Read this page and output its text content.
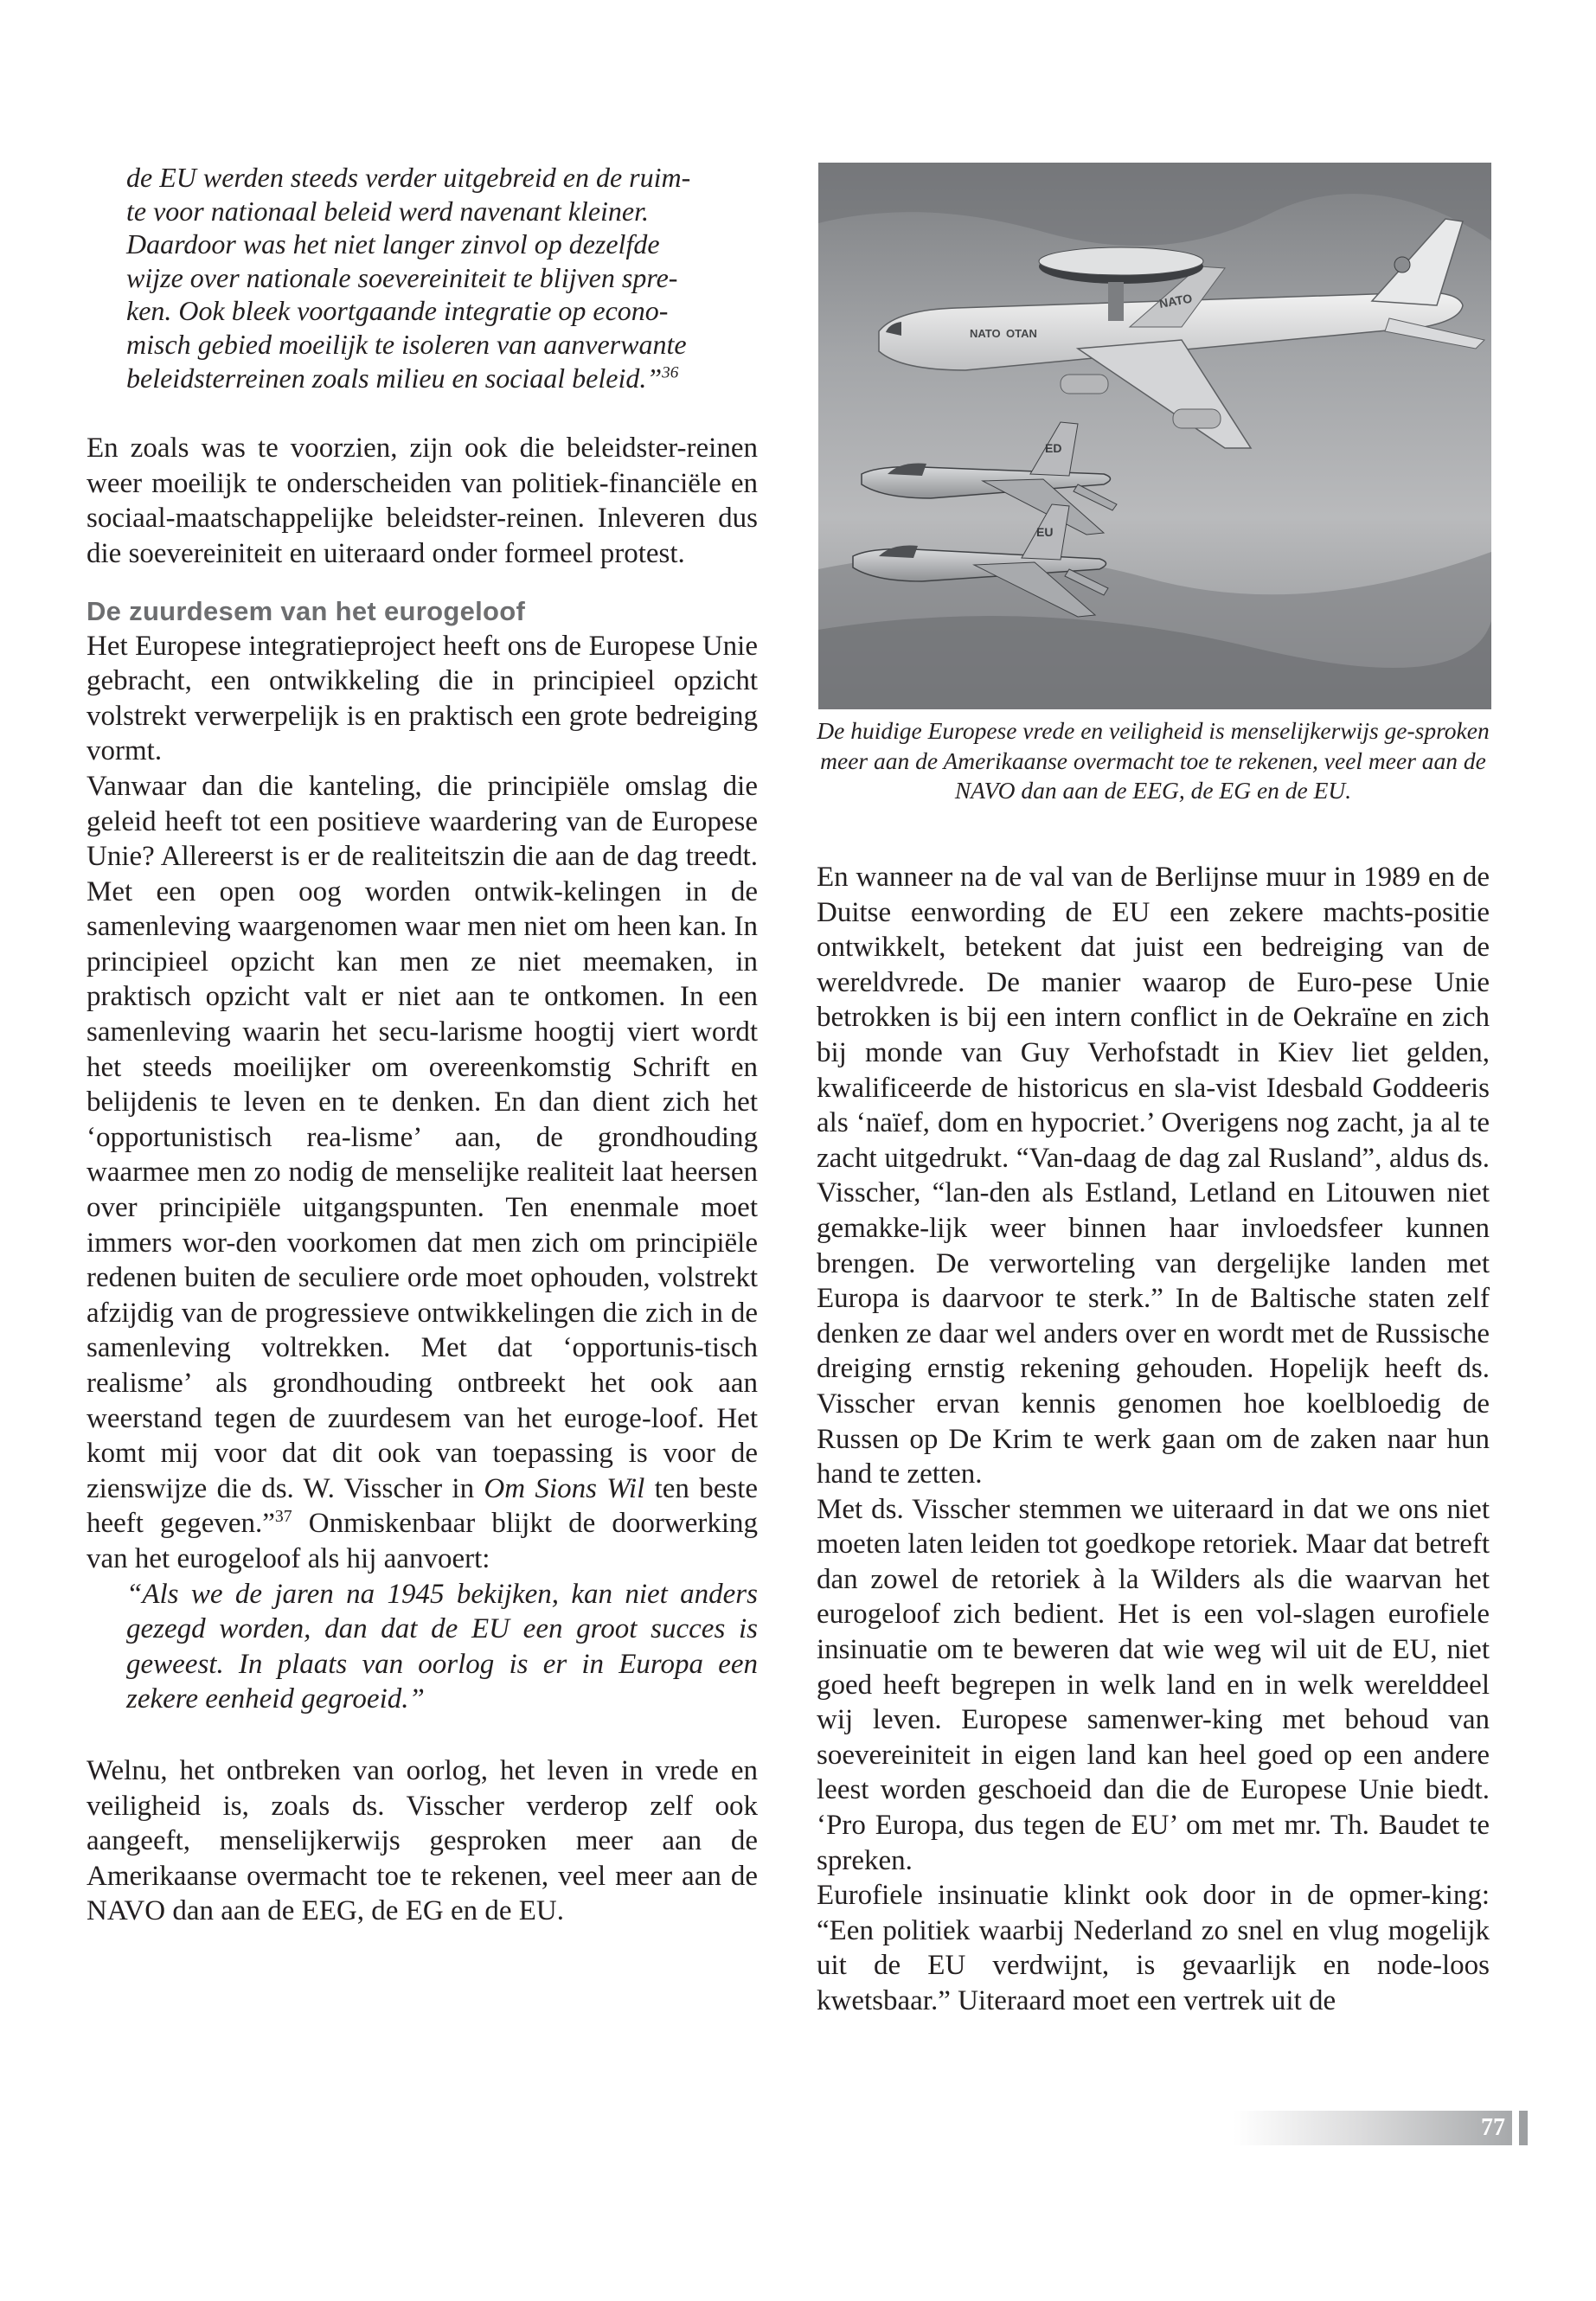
de EU werden steeds verder uitgebreid en de ruim-
te voor nationaal beleid werd navenant kleiner.
Daardoor was het niet langer zinvol op dezelfde
wijze over nationale soevereiniteit te blijven spre-
ken. Ook bleek voortgaande integratie op econo-
misch gebied moeilijk te isoleren van aanverwante
beleidsterreinen zoals milieu en sociaal beleid.”$^{36}$

En zoals was te voorzien, zijn ook die beleidster-reinen weer moeilijk te onderscheiden van politiek-financiële en sociaal-maatschappelijke beleidster-reinen. Inleveren dus die soevereiniteit en uiteraard onder formeel protest.

De zuurdesem van het eurogeloof

Het Europese integratieproject heeft ons de Europese Unie gebracht, een ontwikkeling die in principieel opzicht volstrekt verwerpelijk is en praktisch een grote bedreiging vormt.

Vanwaar dan die kanteling, die principiële omslag die geleid heeft tot een positieve waardering van de Europese Unie? Allereerst is er de realiteitszin die aan de dag treedt. Met een open oog worden ontwik-kelingen in de samenleving waargenomen waar men niet om heen kan. In principieel opzicht kan men ze niet meemaken, in praktisch opzicht valt er niet aan te ontkomen. In een samenleving waarin het secu-larisme hoogtij viert wordt het steeds moeilijker om overeenkomstig Schrift en belijdenis te leven en te denken. En dan dient zich het ‘opportunistisch rea-lisme’ aan, de grondhouding waarmee men zo nodig de menselijke realiteit laat heersen over principiële uitgangspunten. Ten enenmale moet immers wor-den voorkomen dat men zich om principiële redenen buiten de seculiere orde moet ophouden, volstrekt afzijdig van de progressieve ontwikkelingen die zich in de samenleving voltrekken. Met dat ‘opportunis-tisch realisme’ als grondhouding ontbreekt het ook aan weerstand tegen de zuurdesem van het euroge-loof. Het komt mij voor dat dit ook van toepassing is voor de zienswijze die ds. W. Visscher in Om Sions Wil ten beste heeft gegeven.”$^{37}$ Onmiskenbaar blijkt de doorwerking van het eurogeloof als hij aanvoert:

“Als we de jaren na 1945 bekijken, kan niet anders gezegd worden, dan dat de EU een groot succes is geweest. In plaats van oorlog is er in Europa een zekere eenheid gegroeid.”

Welnu, het ontbreken van oorlog, het leven in vrede en veiligheid is, zoals ds. Visscher verderop zelf ook aangeeft, menselijkerwijs gesproken meer aan de Amerikaanse overmacht toe te rekenen, veel meer aan de NAVO dan aan de EEG, de EG en de EU.

NATO OTAN
NATO
ED
EU

De huidige Europese vrede en veiligheid is menselijkerwijs ge-sproken meer aan de Amerikaanse overmacht toe te rekenen, veel meer aan de NAVO dan aan de EEG, de EG en de EU.

En wanneer na de val van de Berlijnse muur in 1989 en de Duitse eenwording de EU een zekere machts-positie ontwikkelt, betekent dat juist een bedreiging van de wereldvrede. De manier waarop de Euro-pese Unie betrokken is bij een intern conflict in de Oekraïne en zich bij monde van Guy Verhofstadt in Kiev liet gelden, kwalificeerde de historicus en sla-vist Idesbald Goddeeris als ‘naïef, dom en hypocriet.’ Overigens nog zacht, ja al te zacht uitgedrukt. “Van-daag de dag zal Rusland”, aldus ds. Visscher, “lan-den als Estland, Letland en Litouwen niet gemakke-lijk weer binnen haar invloedsfeer kunnen brengen. De verworteling van dergelijke landen met Europa is daarvoor te sterk.” In de Baltische staten zelf denken ze daar wel anders over en wordt met de Russische dreiging ernstig rekening gehouden. Hopelijk heeft ds. Visscher ervan kennis genomen hoe koelbloedig de Russen op De Krim te werk gaan om de zaken naar hun hand te zetten.

Met ds. Visscher stemmen we uiteraard in dat we ons niet moeten laten leiden tot goedkope retoriek. Maar dat betreft dan zowel de retoriek à la Wilders als die waarvan het eurogeloof zich bedient. Het is een vol-slagen eurofiele insinuatie om te beweren dat wie weg wil uit de EU, niet goed heeft begrepen in welk land en in welk werelddeel wij leven. Europese samenwer-king met behoud van soevereiniteit in eigen land kan heel goed op een andere leest worden geschoeid dan die de Europese Unie biedt. ‘Pro Europa, dus tegen de EU’ om met mr. Th. Baudet te spreken.

Eurofiele insinuatie klinkt ook door in de opmer-king: “Een politiek waarbij Nederland zo snel en vlug mogelijk uit de EU verdwijnt, is gevaarlijk en node-loos kwetsbaar.” Uiteraard moet een vertrek uit de

77
